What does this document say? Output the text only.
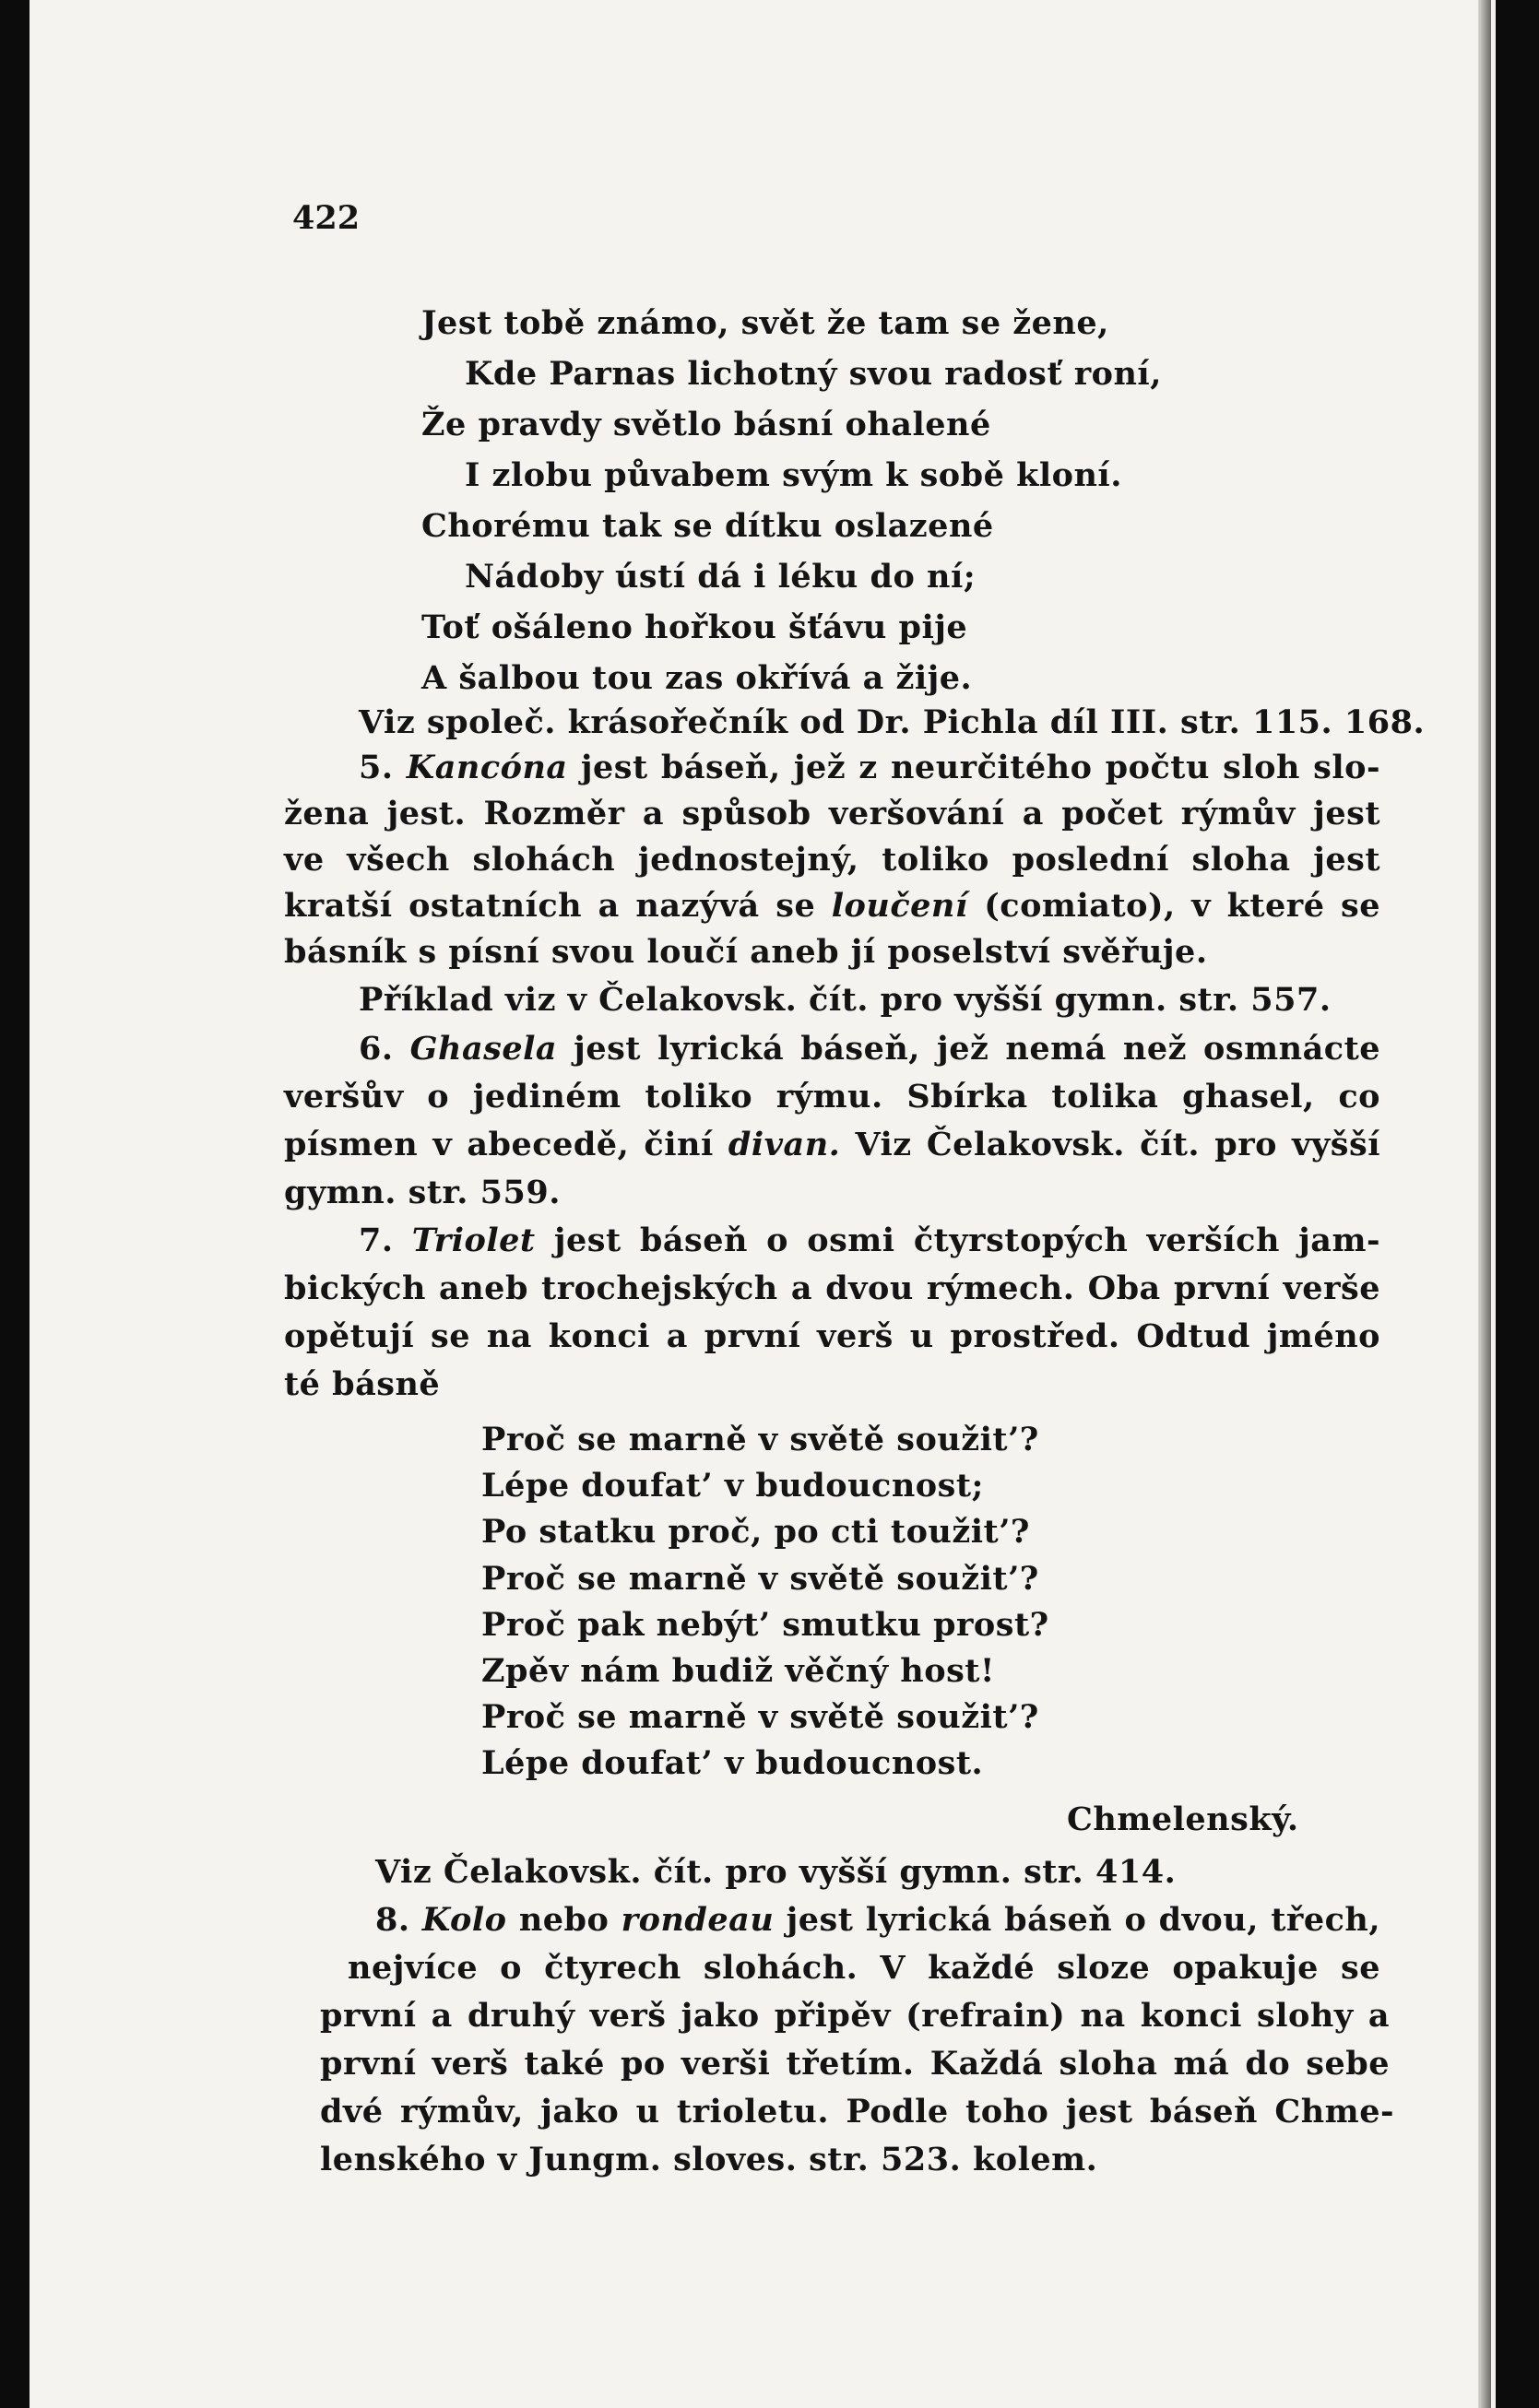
422

Jest tobě známo, svět že tam se žene,

Kde Parnas lichotný svou radosť roní,

Že pravdy světlo básní ohalené

I zlobu půvabem svým k sobě kloní.

Chorému tak se dítku oslazené

Nádoby ústí dá i léku do ní;

Toť ošáleno hořkou šťávu pije

A šalbou tou zas okřívá a žije.

Viz společ. krásořečník od Dr. Pichla díl III. str. 115. 168.

5. Kancóna jest báseň, jež z neurčitého počtu sloh slo-

žena jest. Rozměr a spůsob veršování a počet rýmův jest

ve všech slohách jednostejný, toliko poslední sloha jest

kratší ostatních a nazývá se loučení (comiato), v které se

básník s písní svou loučí aneb jí poselství svěřuje.

Příklad viz v Čelakovsk. čít. pro vyšší gymn. str. 557.

6. Ghasela jest lyrická báseň, jež nemá než osmnácte

veršův o jediném toliko rýmu. Sbírka tolika ghasel, co

písmen v abecedě, činí divan. Viz Čelakovsk. čít. pro vyšší

gymn. str. 559.

7. Triolet jest báseň o osmi čtyrstopých verších jam-

bických aneb trochejských a dvou rýmech. Oba první verše

opětují se na konci a první verš u prostřed. Odtud jméno

té básně

Proč se marně v světě soužit’?

Lépe doufat’ v budoucnost;

Po statku proč, po cti toužit’?

Proč se marně v světě soužit’?

Proč pak nebýt’ smutku prost?

Zpěv nám budiž věčný host!

Proč se marně v světě soužit’?

Lépe doufat’ v budoucnost.

Chmelenský.

Viz Čelakovsk. čít. pro vyšší gymn. str. 414.

8. Kolo nebo rondeau jest lyrická báseň o dvou, třech,

nejvíce o čtyrech slohách. V každé sloze opakuje se

první a druhý verš jako připěv (refrain) na konci slohy a

první verš také po verši třetím. Každá sloha má do sebe

dvé rýmův, jako u trioletu. Podle toho jest báseň Chme-

lenského v Jungm. sloves. str. 523. kolem.
